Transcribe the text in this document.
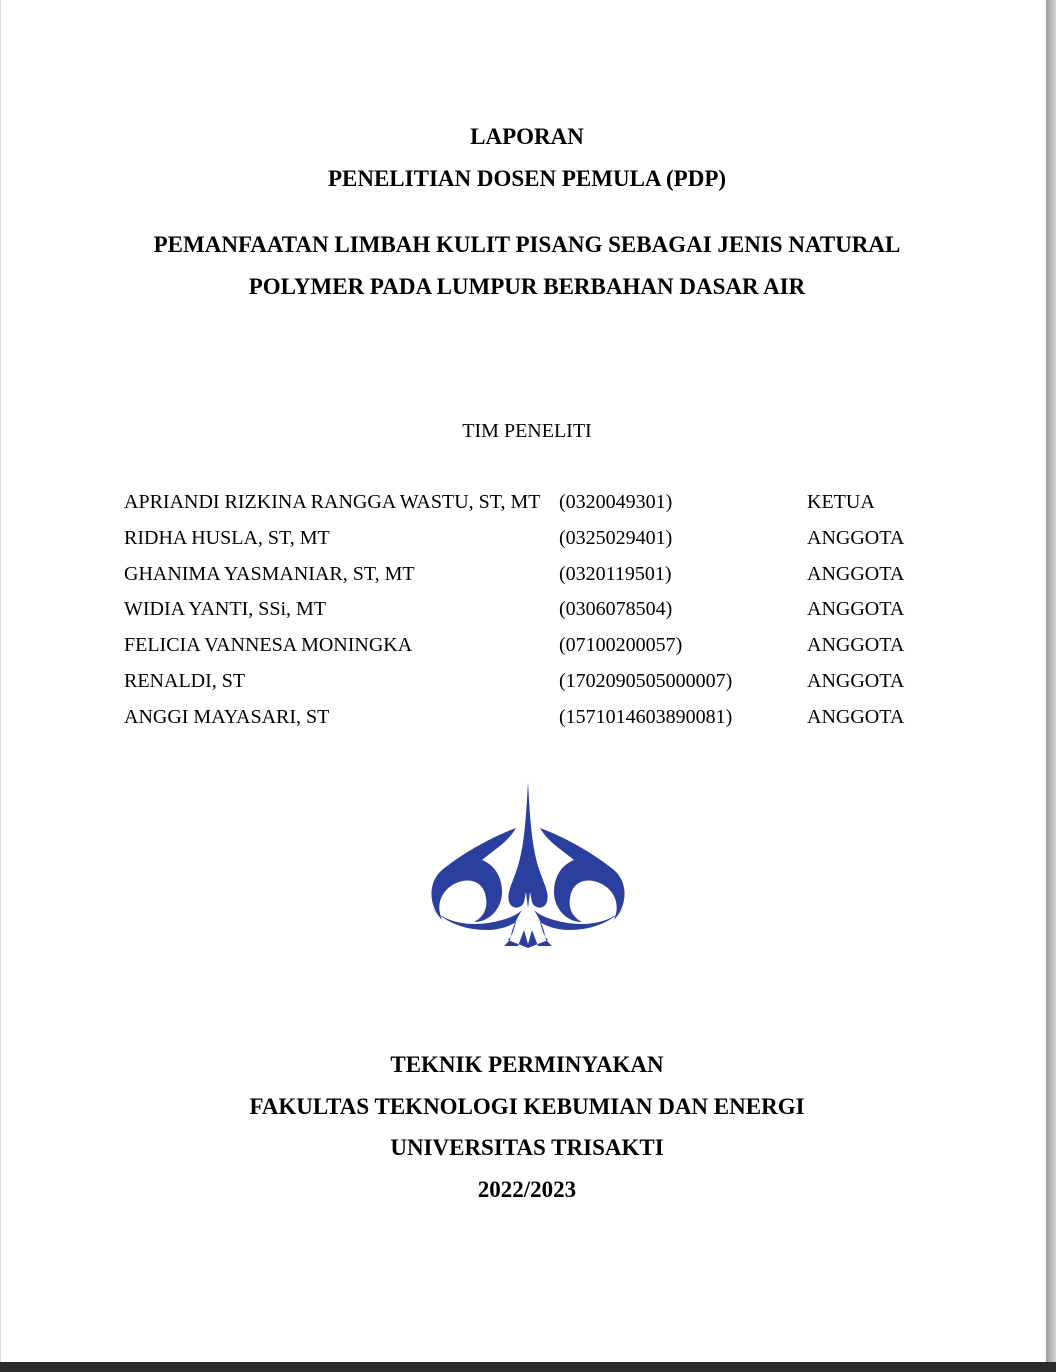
LAPORAN
PENELITIAN DOSEN PEMULA (PDP)
PEMANFAATAN LIMBAH KULIT PISANG SEBAGAI JENIS NATURAL
POLYMER PADA LUMPUR BERBAHAN DASAR AIR
TIM PENELITI
APRIANDI RIZKINA RANGGA WASTU, ST, MT (0320049301)	KETUA
RIDHA HUSLA, ST, MT	(0325029401)	ANGGOTA
GHANIMA YASMANIAR, ST, MT	(0320119501)	ANGGOTA
WIDIA YANTI, SSi, MT	(0306078504)	ANGGOTA
FELICIA VANNESA MONINGKA	(07100200057)	ANGGOTA
RENALDI, ST	(1702090505000007)	ANGGOTA
ANGGI MAYASARI, ST	(1571014603890081)	ANGGOTA
TEKNIK PERMINYAKAN
FAKULTAS TEKNOLOGI KEBUMIAN DAN ENERGI
UNIVERSITAS TRISAKTI
2022/2023
